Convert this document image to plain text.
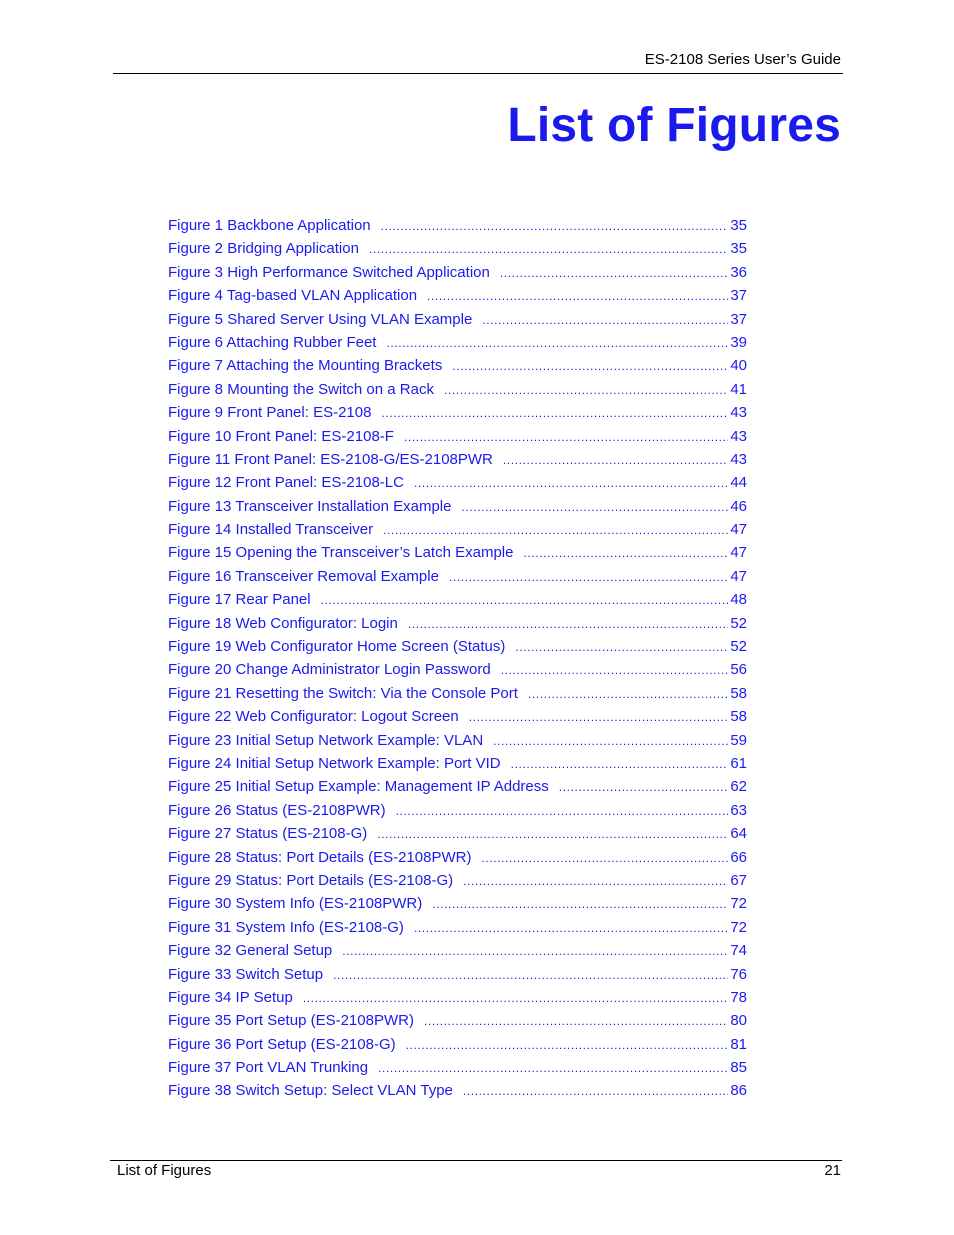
ES-2108 Series User’s Guide
List of Figures
Figure 1 Backbone Application .....	35
Figure 2 Bridging Application .....	35
Figure 3 High Performance Switched Application .....	36
Figure 4 Tag-based VLAN Application .....	37
Figure 5 Shared Server Using VLAN Example .....	37
Figure 6 Attaching Rubber Feet .....	39
Figure 7 Attaching the Mounting Brackets .....	40
Figure 8 Mounting the Switch on a Rack .....	41
Figure 9 Front Panel: ES-2108 .....	43
Figure 10 Front Panel: ES-2108-F .....	43
Figure 11 Front Panel: ES-2108-G/ES-2108PWR .....	43
Figure 12 Front Panel: ES-2108-LC .....	44
Figure 13 Transceiver Installation Example .....	46
Figure 14 Installed Transceiver .....	47
Figure 15 Opening the Transceiver’s Latch Example .....	47
Figure 16 Transceiver Removal Example .....	47
Figure 17 Rear Panel .....	48
Figure 18 Web Configurator: Login .....	52
Figure 19 Web Configurator Home Screen (Status) .....	52
Figure 20 Change Administrator Login Password .....	56
Figure 21 Resetting the Switch: Via the Console Port .....	58
Figure 22 Web Configurator: Logout Screen .....	58
Figure 23 Initial Setup Network Example: VLAN .....	59
Figure 24 Initial Setup Network Example: Port VID .....	61
Figure 25 Initial Setup Example: Management IP Address .....	62
Figure 26 Status (ES-2108PWR) .....	63
Figure 27 Status (ES-2108-G) .....	64
Figure 28 Status: Port Details (ES-2108PWR) .....	66
Figure 29 Status: Port Details (ES-2108-G) .....	67
Figure 30 System Info (ES-2108PWR) .....	72
Figure 31 System Info (ES-2108-G) .....	72
Figure 32 General Setup .....	74
Figure 33 Switch Setup .....	76
Figure 34 IP Setup .....	78
Figure 35 Port Setup (ES-2108PWR) .....	80
Figure 36 Port Setup (ES-2108-G) .....	81
Figure 37 Port VLAN Trunking .....	85
Figure 38 Switch Setup: Select VLAN Type .....	86
List of Figures	21
